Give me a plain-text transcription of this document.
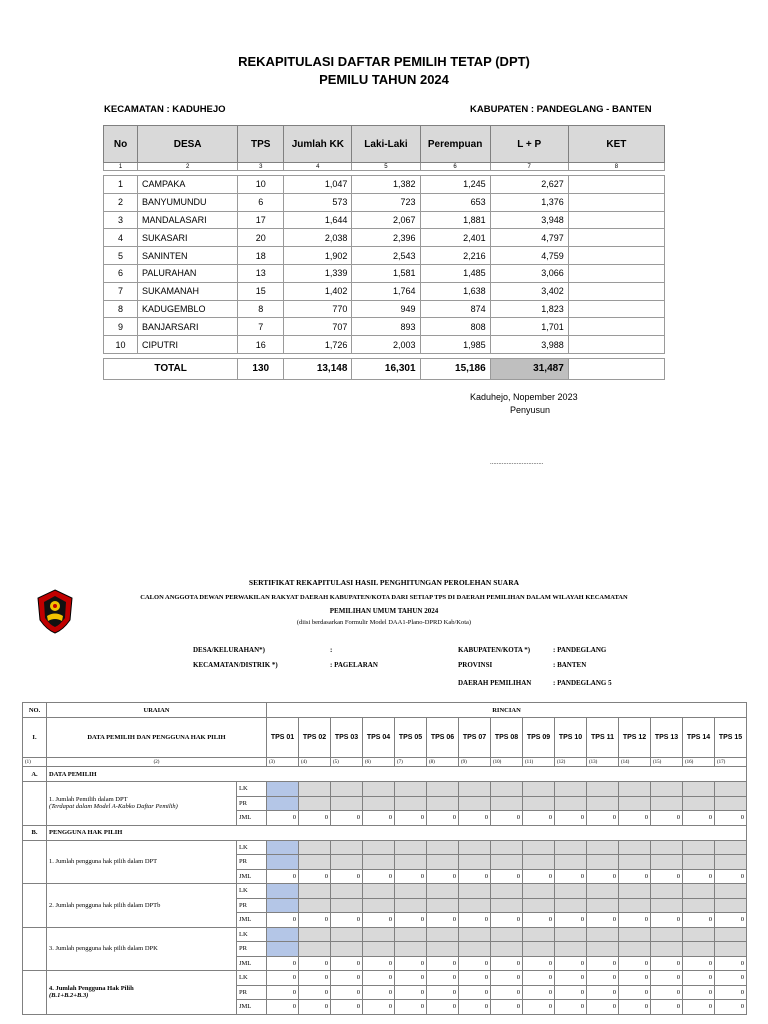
REKAPITULASI DAFTAR PEMILIH TETAP (DPT)
PEMILU TAHUN 2024
KECAMATAN : KADUHEJO	KABUPATEN : PANDEGLANG - BANTEN
No	DESA	TPS	Jumlah KK	Laki-Laki	Perempuan	L + P	KET
1	2	3	4	5	6	7	8

1	CAMPAKA	10	1,047	1,382	1,245	2,627	
2	BANYUMUNDU	6	573	723	653	1,376	
3	MANDALASARI	17	1,644	2,067	1,881	3,948	
4	SUKASARI	20	2,038	2,396	2,401	4,797	
5	SANINTEN	18	1,902	2,543	2,216	4,759	
6	PALURAHAN	13	1,339	1,581	1,485	3,066	
7	SUKAMANAH	15	1,402	1,764	1,638	3,402	
8	KADUGEMBLO	8	770	949	874	1,823	
9	BANJARSARI	7	707	893	808	1,701	
10	CIPUTRI	16	1,726	2,003	1,985	3,988	

TOTAL		130	13,148	16,301	15,186	31,487	
Kaduhejo, Nopember 2023
Penyusun
................................
SERTIFIKAT REKAPITULASI HASIL PENGHITUNGAN PEROLEHAN SUARA
CALON ANGGOTA DEWAN PERWAKILAN RAKYAT DAERAH KABUPATEN/KOTA DARI SETIAP TPS DI DAERAH PEMILIHAN DALAM WILAYAH KECAMATAN
PEMILIHAN UMUM TAHUN 2024
(diisi berdasarkan Formulir Model DAA1-Plano-DPRD Kab/Kota)
DESA/KELURAHAN*)	:
KECAMATAN/DISTRIK *)	: PAGELARAN
KABUPATEN/KOTA *)	: PANDEGLANG
PROVINSI	: BANTEN
DAERAH PEMILIHAN	: PANDEGLANG 5
NO.	URAIAN		RINCIAN														
I.	DATA PEMILIH DAN PENGGUNA HAK PILIH		TPS 01	TPS 02	TPS 03	TPS 04	TPS 05	TPS 06	TPS 07	TPS 08	TPS 09	TPS 10	TPS 11	TPS 12	TPS 13	TPS 14	TPS 15
(1)	(2)		(3)	(4)	(5)	(6)	(7)	(8)	(9)	(10)	(11)	(12)	(13)	(14)	(15)	(16)	(17)
A.	DATA PEMILIH																

	1. Jumlah Pemilih dalam DPT
(Terdapat dalam Model A-Kabko Daftar Pemilih)	LK															
		PR															
		JML	0	0	0	0	0	0	0	0	0	0	0	0	0	0	0
B.	PENGGUNA HAK PILIH																

	1. Jumlah pengguna hak pilih dalam DPT	LK															
		PR															
		JML	0	0	0	0	0	0	0	0	0	0	0	0	0	0	0

	2. Jumlah pengguna hak pilih dalam DPTb	LK															
		PR															
		JML	0	0	0	0	0	0	0	0	0	0	0	0	0	0	0

	3. Jumlah pengguna hak pilih dalam DPK	LK															
		PR															
		JML	0	0	0	0	0	0	0	0	0	0	0	0	0	0	0

	4. Jumlah Pengguna Hak Pilih
(B.1+B.2+B.3)	LK	0	0	0	0	0	0	0	0	0	0	0	0	0	0	0
		PR	0	0	0	0	0	0	0	0	0	0	0	0	0	0	0
		JML	0	0	0	0	0	0	0	0	0	0	0	0	0	0	0
